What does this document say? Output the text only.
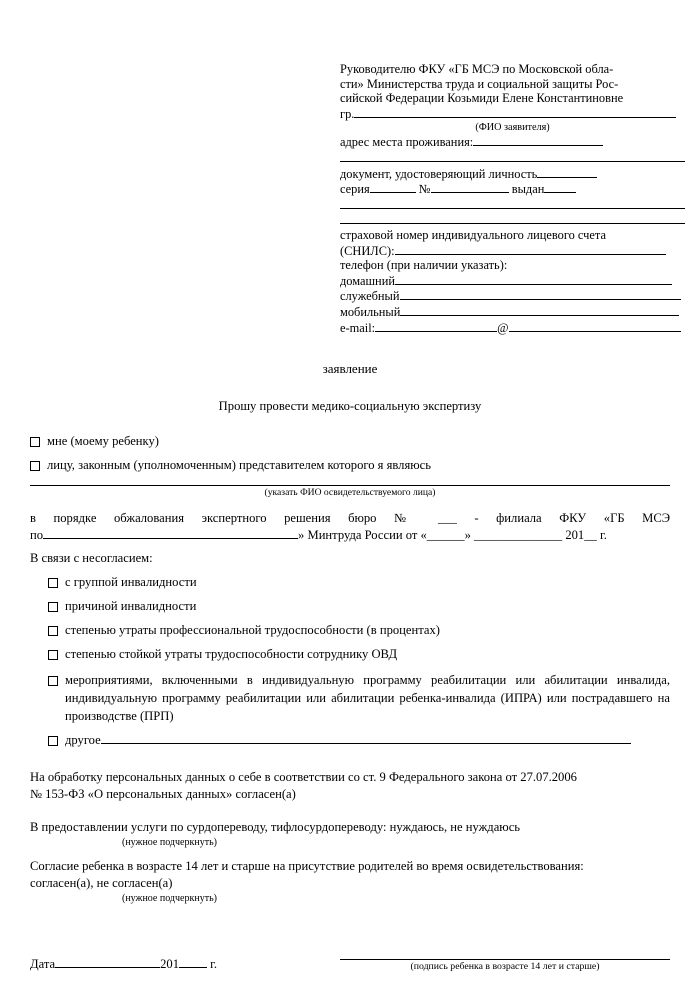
Руководителю ФКУ «ГБ МСЭ по Московской обла-
сти» Министерства труда и социальной защиты Рос-
сийской Федерации Козьмиди Елене Константиновне
гр.
(ФИО заявителя)
адрес места проживания:
документ, удостоверяющий личность
серия	№	выдан
страховой номер индивидуального лицевого счета
(СНИЛС):
телефон (при наличии указать):
домашний
служебный
мобильный
e-mail:	@
заявление
Прошу провести медико-социальную экспертизу
мне (моему ребенку)
лицу, законным (уполномоченным) представителем которого я являюсь
(указать ФИО освидетельствуемого лица)
в порядке обжалования экспертного решения бюро № ___ - филиала ФКУ «ГБ МСЭ
по	» Минтруда России от «______» ______________ 201__ г.
В связи с несогласием:
с группой инвалидности
причиной инвалидности
степенью утраты профессиональной трудоспособности (в процентах)
степенью стойкой утраты трудоспособности сотруднику ОВД
мероприятиями, включенными в индивидуальную программу реабилитации или абилитации инвалида, индивидуальную программу реабилитации или абилитации ребенка-инвалида (ИПРА) или пострадавшего на производстве (ПРП)
другое
На обработку персональных данных о себе в соответствии со ст. 9 Федерального закона от 27.07.2006
№ 153-ФЗ «О персональных данных» согласен(а)
В предоставлении услуги по сурдопереводу, тифлосурдопереводу: нуждаюсь, не нуждаюсь
(нужное подчеркнуть)
Согласие ребенка в возрасте 14 лет и старше на присутствие родителей во время освидетельствования:
согласен(а), не согласен(а)
(нужное подчеркнуть)
Дата	201 г.	(подпись ребенка в возрасте 14 лет и старше)
